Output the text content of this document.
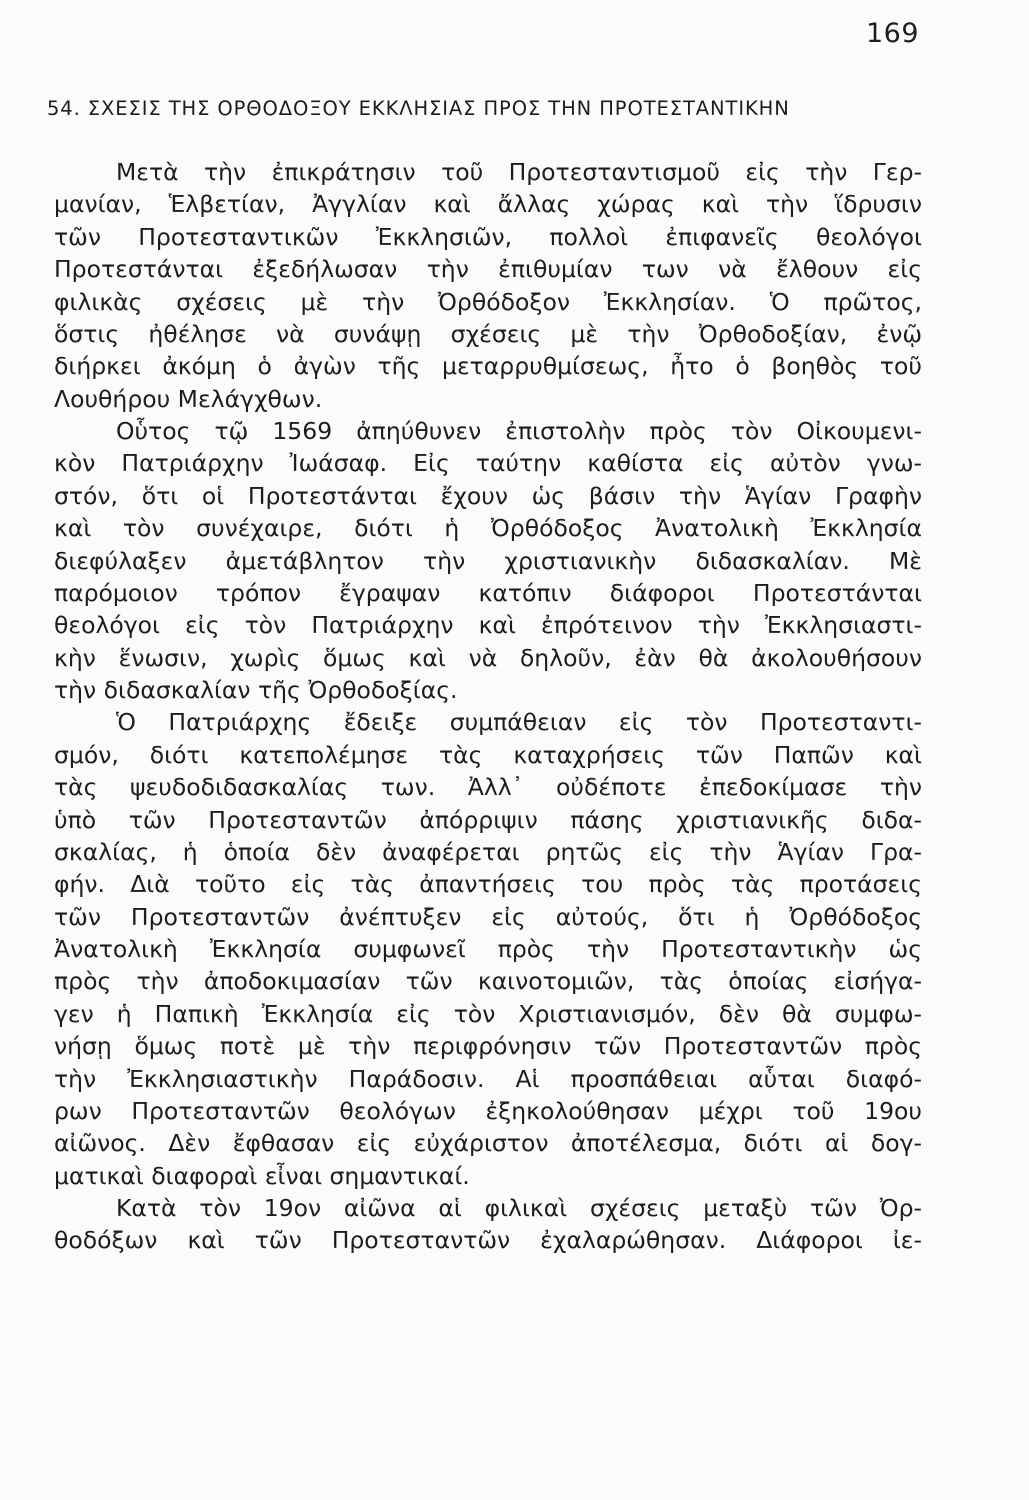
169
54. ΣΧΕΣΙΣ ΤΗΣ ΟΡΘΟΔΟΞΟΥ ΕΚΚΛΗΣΙΑΣ ΠΡΟΣ ΤΗΝ ΠΡΟΤΕΣΤΑΝΤΙΚΗΝ
Μετὰ τὴν ἐπικράτησιν τοῦ Προτεσταντισμοῦ εἰς τὴν Γερ-
μανίαν, Ἑλβετίαν, Ἀγγλίαν καὶ ἄλλας χώρας καὶ τὴν ἵδρυσιν
τῶν Προτεσταντικῶν Ἐκκλησιῶν, πολλοὶ ἐπιφανεῖς θεολόγοι
Προτεστάνται ἐξεδήλωσαν τὴν ἐπιθυμίαν των νὰ ἔλθουν εἰς
φιλικὰς σχέσεις μὲ τὴν Ὀρθόδοξον Ἐκκλησίαν. Ὁ πρῶτος,
ὅστις ἠθέλησε νὰ συνάψῃ σχέσεις μὲ τὴν Ὀρθοδοξίαν, ἐνῷ
διήρκει ἀκόμη ὁ ἀγὼν τῆς μεταρρυθμίσεως, ἦτο ὁ βοηθὸς τοῦ
Λουθήρου Μελάγχθων.
Οὗτος τῷ 1569 ἀπηύθυνεν ἐπιστολὴν πρὸς τὸν Οἰκουμενι-
κὸν Πατριάρχην Ἰωάσαφ. Εἰς ταύτην καθίστα εἰς αὐτὸν γνω-
στόν, ὅτι οἱ Προτεστάνται ἔχουν ὡς βάσιν τὴν Ἁγίαν Γραφὴν
καὶ τὸν συνέχαιρε, διότι ἡ Ὀρθόδοξος Ἀνατολικὴ Ἐκκλησία
διεφύλαξεν ἀμετάβλητον τὴν χριστιανικὴν διδασκαλίαν. Μὲ
παρόμοιον τρόπον ἔγραψαν κατόπιν διάφοροι Προτεστάνται
θεολόγοι εἰς τὸν Πατριάρχην καὶ ἐπρότεινον τὴν Ἐκκλησιαστι-
κὴν ἕνωσιν, χωρὶς ὅμως καὶ νὰ δηλοῦν, ἐὰν θὰ ἀκολουθήσουν
τὴν διδασκαλίαν τῆς Ὀρθοδοξίας.
Ὁ Πατριάρχης ἔδειξε συμπάθειαν εἰς τὸν Προτεσταντι-
σμόν, διότι κατεπολέμησε τὰς καταχρήσεις τῶν Παπῶν καὶ
τὰς ψευδοδιδασκαλίας των. Ἀλλ᾽ οὐδέποτε ἐπεδοκίμασε τὴν
ὑπὸ τῶν Προτεσταντῶν ἀπόρριψιν πάσης χριστιανικῆς διδα-
σκαλίας, ἡ ὁποία δὲν ἀναφέρεται ρητῶς εἰς τὴν Ἁγίαν Γρα-
φήν. Διὰ τοῦτο εἰς τὰς ἀπαντήσεις του πρὸς τὰς προτάσεις
τῶν Προτεσταντῶν ἀνέπτυξεν εἰς αὐτούς, ὅτι ἡ Ὀρθόδοξος
Ἀνατολικὴ Ἐκκλησία συμφωνεῖ πρὸς τὴν Προτεσταντικὴν ὡς
πρὸς τὴν ἀποδοκιμασίαν τῶν καινοτομιῶν, τὰς ὁποίας εἰσήγα-
γεν ἡ Παπικὴ Ἐκκλησία εἰς τὸν Χριστιανισμόν, δὲν θὰ συμφω-
νήσῃ ὅμως ποτὲ μὲ τὴν περιφρόνησιν τῶν Προτεσταντῶν πρὸς
τὴν Ἐκκλησιαστικὴν Παράδοσιν. Αἱ προσπάθειαι αὗται διαφό-
ρων Προτεσταντῶν θεολόγων ἐξηκολούθησαν μέχρι τοῦ 19ου
αἰῶνος. Δὲν ἔφθασαν εἰς εὐχάριστον ἀποτέλεσμα, διότι αἱ δογ-
ματικαὶ διαφοραὶ εἶναι σημαντικαί.
Κατὰ τὸν 19ον αἰῶνα αἱ φιλικαὶ σχέσεις μεταξὺ τῶν Ὀρ-
θοδόξων καὶ τῶν Προτεσταντῶν ἐχαλαρώθησαν. Διάφοροι ἰε-
